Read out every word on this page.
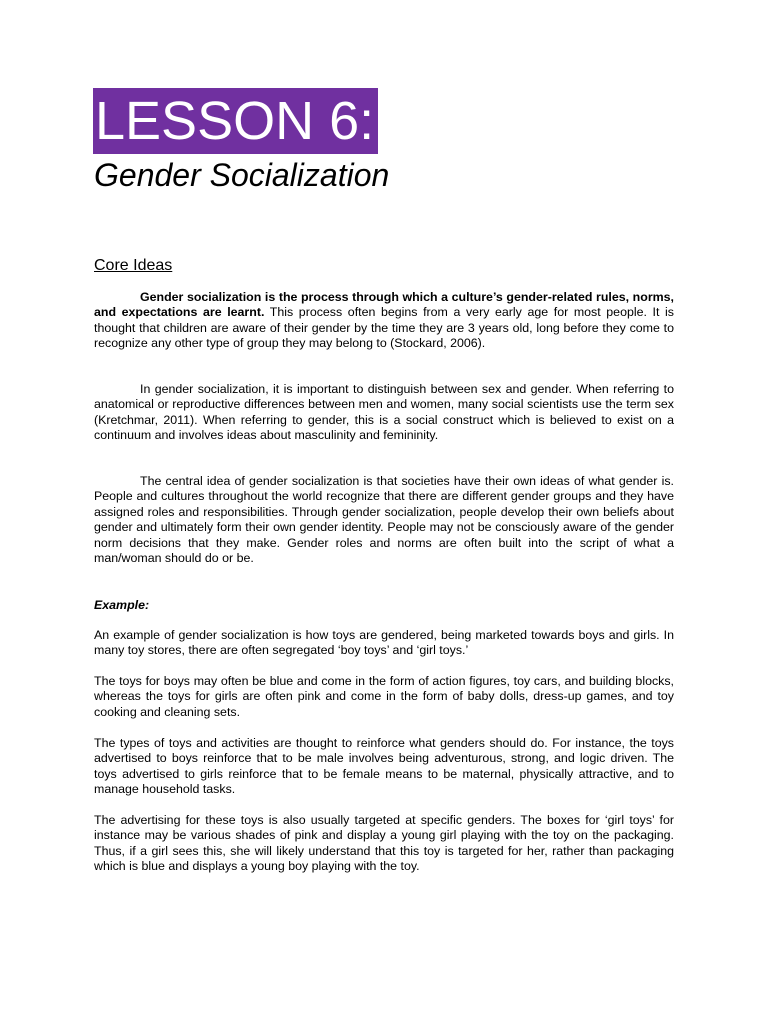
LESSON 6:
Gender Socialization
Core Ideas

Gender socialization is the process through which a culture’s gender-related rules, norms, and expectations are learnt. This process often begins from a very early age for most people. It is thought that children are aware of their gender by the time they are 3 years old, long before they come to recognize any other type of group they may belong to (Stockard, 2006).

In gender socialization, it is important to distinguish between sex and gender. When referring to anatomical or reproductive differences between men and women, many social scientists use the term sex (Kretchmar, 2011). When referring to gender, this is a social construct which is believed to exist on a continuum and involves ideas about masculinity and femininity.

The central idea of gender socialization is that societies have their own ideas of what gender is. People and cultures throughout the world recognize that there are different gender groups and they have assigned roles and responsibilities. Through gender socialization, people develop their own beliefs about gender and ultimately form their own gender identity. People may not be consciously aware of the gender norm decisions that they make. Gender roles and norms are often built into the script of what a man/woman should do or be.

Example:

An example of gender socialization is how toys are gendered, being marketed towards boys and girls. In many toy stores, there are often segregated ‘boy toys’ and ‘girl toys.’

The toys for boys may often be blue and come in the form of action figures, toy cars, and building blocks, whereas the toys for girls are often pink and come in the form of baby dolls, dress-up games, and toy cooking and cleaning sets.

The types of toys and activities are thought to reinforce what genders should do. For instance, the toys advertised to boys reinforce that to be male involves being adventurous, strong, and logic driven. The toys advertised to girls reinforce that to be female means to be maternal, physically attractive, and to manage household tasks.

The advertising for these toys is also usually targeted at specific genders. The boxes for ‘girl toys’ for instance may be various shades of pink and display a young girl playing with the toy on the packaging. Thus, if a girl sees this, she will likely understand that this toy is targeted for her, rather than packaging which is blue and displays a young boy playing with the toy.
